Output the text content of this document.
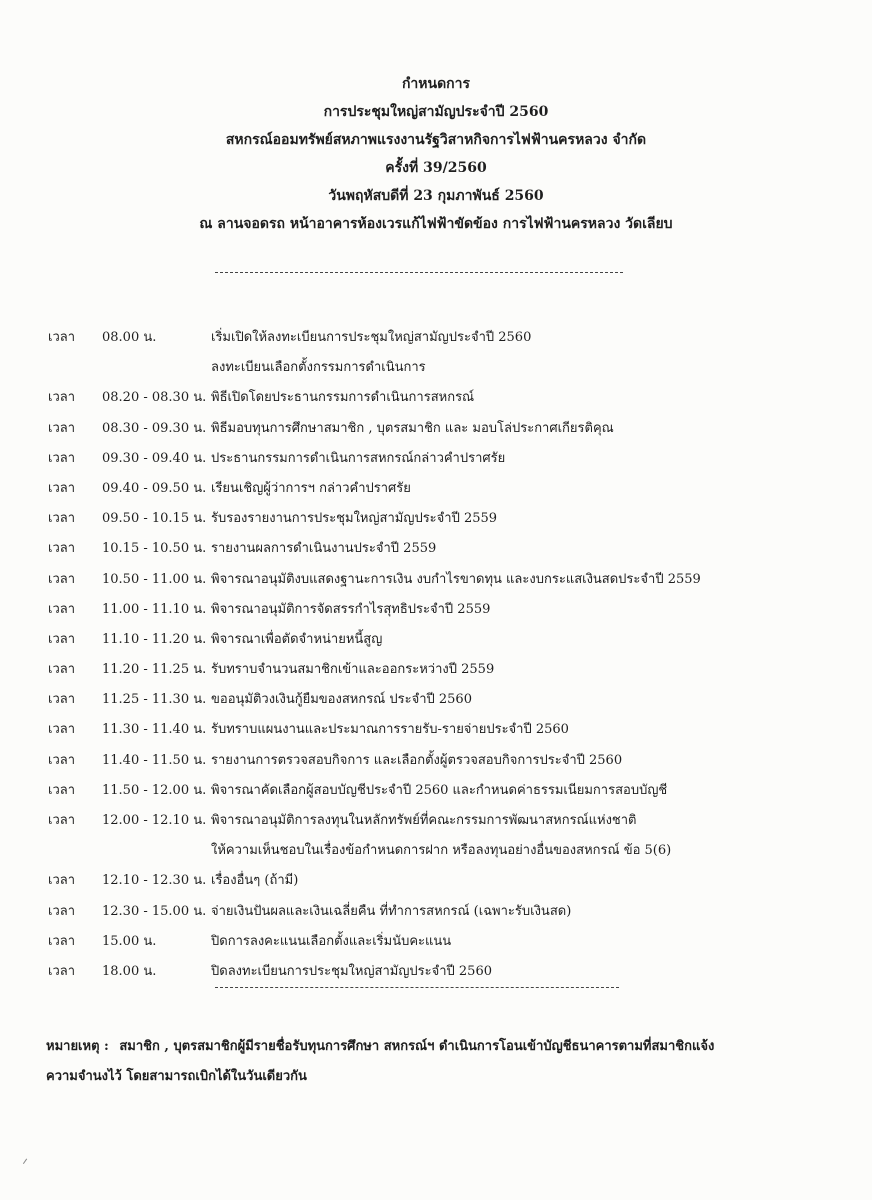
กำหนดการ
การประชุมใหญ่สามัญประจำปี 2560
สหกรณ์ออมทรัพย์สหภาพแรงงานรัฐวิสาหกิจการไฟฟ้านครหลวง จำกัด
ครั้งที่ 39/2560
วันพฤหัสบดีที่ 23 กุมภาพันธ์ 2560
ณ ลานจอดรถ หน้าอาคารห้องเวรแก้ไฟฟ้าขัดข้อง การไฟฟ้านครหลวง วัดเลียบ
เวลา 08.00 น.	เริ่มเปิดให้ลงทะเบียนการประชุมใหญ่สามัญประจำปี 2560
ลงทะเบียนเลือกตั้งกรรมการดำเนินการ
เวลา 08.20 - 08.30 น. พิธีเปิดโดยประธานกรรมการดำเนินการสหกรณ์
เวลา 08.30 - 09.30 น. พิธีมอบทุนการศึกษาสมาชิก , บุตรสมาชิก และ มอบโล่ประกาศเกียรติคุณ
เวลา 09.30 - 09.40 น. ประธานกรรมการดำเนินการสหกรณ์กล่าวคำปราศรัย
เวลา 09.40 - 09.50 น. เรียนเชิญผู้ว่าการฯ กล่าวคำปราศรัย
เวลา 09.50 - 10.15 น. รับรองรายงานการประชุมใหญ่สามัญประจำปี 2559
เวลา 10.15 - 10.50 น. รายงานผลการดำเนินงานประจำปี 2559
เวลา 10.50 - 11.00 น. พิจารณาอนุมัติงบแสดงฐานะการเงิน งบกำไรขาดทุน และงบกระแสเงินสดประจำปี 2559
เวลา 11.00 - 11.10 น. พิจารณาอนุมัติการจัดสรรกำไรสุทธิประจำปี 2559
เวลา 11.10 - 11.20 น. พิจารณาเพื่อตัดจำหน่ายหนี้สูญ
เวลา 11.20 - 11.25 น. รับทราบจำนวนสมาชิกเข้าและออกระหว่างปี 2559
เวลา 11.25 - 11.30 น. ขออนุมัติวงเงินกู้ยืมของสหกรณ์ ประจำปี 2560
เวลา 11.30 - 11.40 น. รับทราบแผนงานและประมาณการรายรับ-รายจ่ายประจำปี 2560
เวลา 11.40 - 11.50 น. รายงานการตรวจสอบกิจการ และเลือกตั้งผู้ตรวจสอบกิจการประจำปี 2560
เวลา 11.50 - 12.00 น. พิจารณาคัดเลือกผู้สอบบัญชีประจำปี 2560 และกำหนดค่าธรรมเนียมการสอบบัญชี
เวลา 12.00 - 12.10 น. พิจารณาอนุมัติการลงทุนในหลักทรัพย์ที่คณะกรรมการพัฒนาสหกรณ์แห่งชาติ
ให้ความเห็นชอบในเรื่องข้อกำหนดการฝาก หรือลงทุนอย่างอื่นของสหกรณ์ ข้อ 5(6)
เวลา 12.10 - 12.30 น. เรื่องอื่นๆ (ถ้ามี)
เวลา 12.30 - 15.00 น. จ่ายเงินปันผลและเงินเฉลี่ยคืน ที่ทำการสหกรณ์ (เฉพาะรับเงินสด)
เวลา 15.00 น.	ปิดการลงคะแนนเลือกตั้งและเริ่มนับคะแนน
เวลา 18.00 น.	ปิดลงทะเบียนการประชุมใหญ่สามัญประจำปี 2560
หมายเหตุ : สมาชิก , บุตรสมาชิกผู้มีรายชื่อรับทุนการศึกษา สหกรณ์ฯ ดำเนินการโอนเข้าบัญชีธนาคารตามที่สมาชิกแจ้ง
ความจำนงไว้ โดยสามารถเบิกได้ในวันเดียวกัน
